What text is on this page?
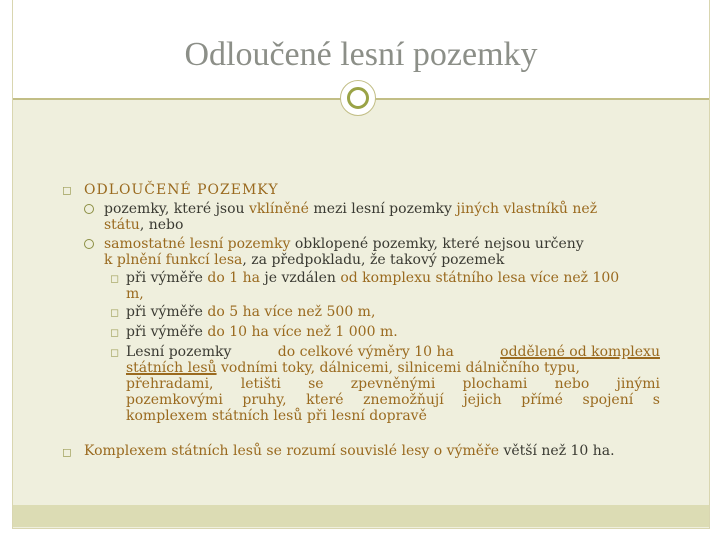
Odloučené lesní pozemky
◻ ODLOUČENÉ POZEMKY
pozemky, které jsou vklíněné mezi lesní pozemky jiných vlastníků než
státu, nebo
samostatné lesní pozemky obklopené pozemky, které nejsou určeny
k plnění funkcí lesa, za předpokladu, že takový pozemek
◻ při výměře do 1 ha je vzdálen od komplexu státního lesa více než 100
m,
◻ při výměře do 5 ha více než 500 m,
◻ při výměře do 10 ha více než 1 000 m.
◻ Lesní pozemky	do celkové výměry 10 ha	oddělené od komplexu
státních lesů vodními toky, dálnicemi, silnicemi dálničního typu,
přehradami, letišti se zpevněnými plochami nebo jinými
pozemkovými pruhy, které znemožňují jejich přímé spojení s
komplexem státních lesů při lesní dopravě
◻ Komplexem státních lesů se rozumí souvislé lesy o výměře větší než 10 ha.
